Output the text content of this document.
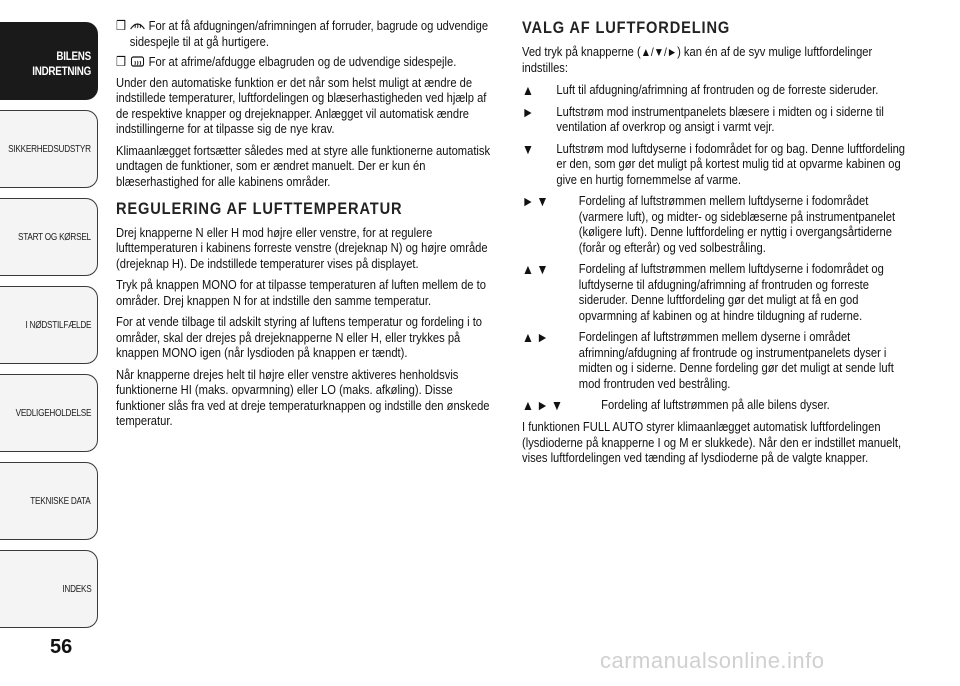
BILENS INDRETNING
SIKKERHEDSUDSTYR
START OG KØRSEL
I NØDSTILFÆLDE
VEDLIGEHOLDELSE
TEKNISKE DATA
INDEKS
56
❒	For at få afdugningen/afrimningen af forruder, bagrude og udvendige sidespejle til at gå hurtigere.
❒	For at afrime/afdugge elbagruden og de udvendige sidespejle.

Under den automatiske funktion er det når som helst muligt at ændre de indstillede temperaturer, luftfordelingen og blæserhastigheden ved hjælp af de respektive knapper og drejeknapper. Anlægget vil automatisk ændre indstillingerne for at tilpasse sig de nye krav.

Klimaanlægget fortsætter således med at styre alle funktionerne automatisk undtagen de funktioner, som er ændret manuelt. Der er kun én blæserhastighed for alle kabinens områder.

REGULERING AF LUFTTEMPERATUR

Drej knapperne N eller H mod højre eller venstre, for at regulere lufttemperaturen i kabinens forreste venstre (drejeknap N) og højre område (drejeknap H). De indstillede temperaturer vises på displayet.

Tryk på knappen MONO for at tilpasse temperaturen af luften mellem de to områder. Drej knappen N for at indstille den samme temperatur.

For at vende tilbage til adskilt styring af luftens temperatur og fordeling i to områder, skal der drejes på drejeknapperne N eller H, eller trykkes på knappen MONO igen (når lysdioden på knappen er tændt).

Når knapperne drejes helt til højre eller venstre aktiveres henholdsvis funktionerne HI (maks. opvarmning) eller LO (maks. afkøling). Disse funktioner slås fra ved at dreje temperaturknappen og indstille den ønskede temperatur.

VALG AF LUFTFORDELING

Ved tryk på knapperne (▲/▼/►) kan én af de syv mulige luftfordelinger indstilles:

▲	Luft til afdugning/afrimning af frontruden og de forreste sideruder.
►	Luftstrøm mod instrumentpanelets blæsere i midten og i siderne til ventilation af overkrop og ansigt i varmt vejr.
▼	Luftstrøm mod luftdyserne i fodområdet for og bag. Denne luftfordeling er den, som gør det muligt på kortest mulig tid at opvarme kabinen og give en hurtig fornemmelse af varme.
►▼	Fordeling af luftstrømmen mellem luftdyserne i fodområdet (varmere luft), og midter- og sideblæserne på instrumentpanelet (køligere luft). Denne luftfordeling er nyttig i overgangsårtiderne (forår og efterår) og ved solbestråling.
▲▼	Fordeling af luftstrømmen mellem luftdyserne i fodområdet og luftdyserne til afdugning/afrimning af frontruden og forreste sideruder. Denne luftfordeling gør det muligt at få en god opvarmning af kabinen og at hindre tildugning af ruderne.
▲►	Fordelingen af luftstrømmen mellem dyserne i området afrimning/afdugning af frontrude og instrumentpanelets dyser i midten og i siderne. Denne fordeling gør det muligt at sende luft mod frontruden ved bestråling.
▲►▼	Fordeling af luftstrømmen på alle bilens dyser.

I funktionen FULL AUTO styrer klimaanlægget automatisk luftfordelingen (lysdioderne på knapperne I og M er slukkede). Når den er indstillet manuelt, vises luftfordelingen ved tænding af lysdioderne på de valgte knapper.

carmanualsonline.info
